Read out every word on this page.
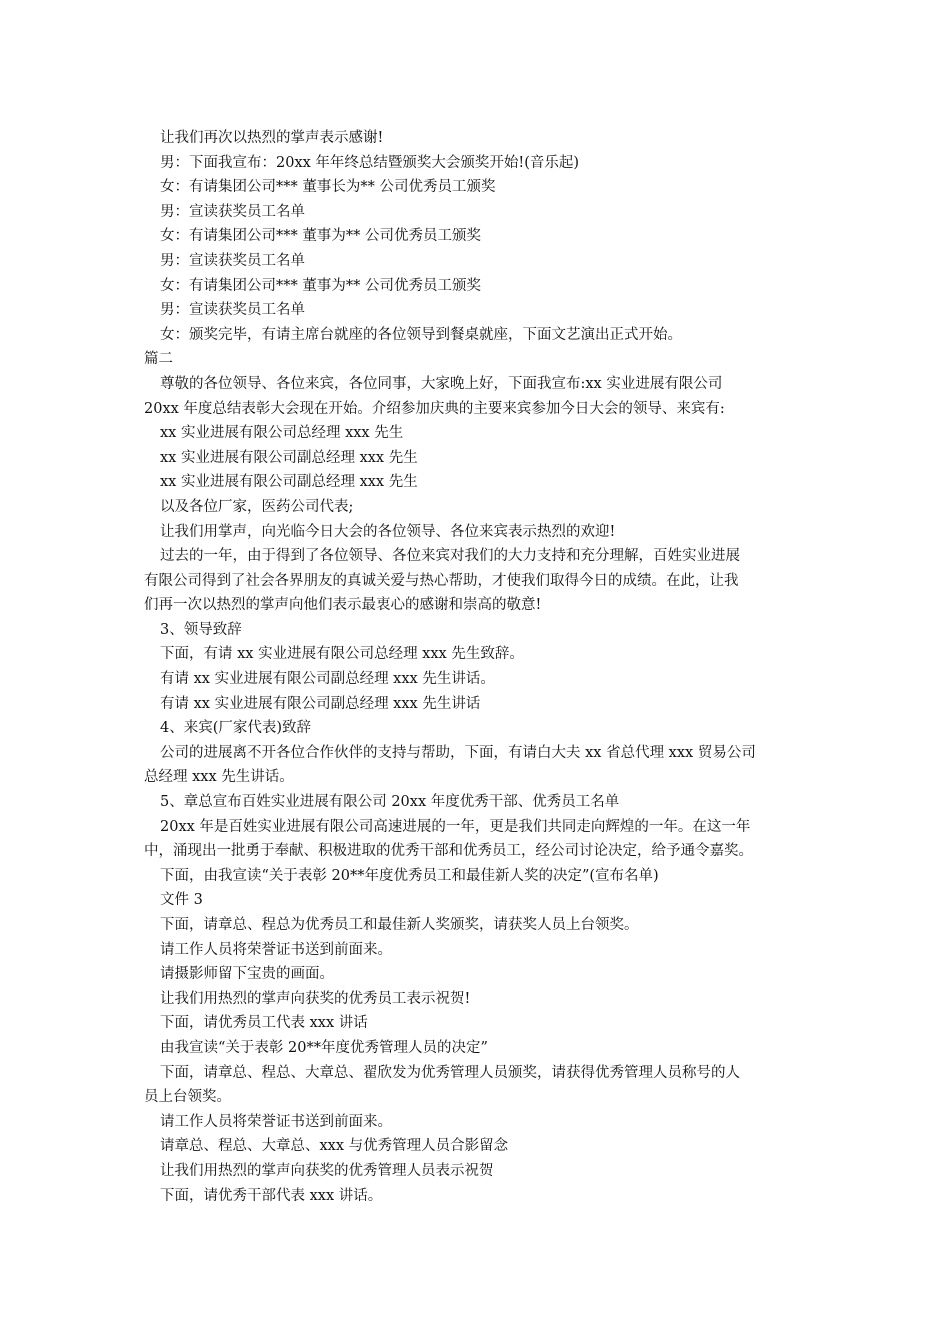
让我们再次以热烈的掌声表示感谢!
男：下面我宣布：20xx 年年终总结暨颁奖大会颁奖开始!(音乐起)
女：有请集团公司*** 董事长为** 公司优秀员工颁奖
男：宣读获奖员工名单
女：有请集团公司*** 董事为** 公司优秀员工颁奖
男：宣读获奖员工名单
女：有请集团公司*** 董事为** 公司优秀员工颁奖
男：宣读获奖员工名单
女：颁奖完毕，有请主席台就座的各位领导到餐桌就座，下面文艺演出正式开始。
篇二
尊敬的各位领导、各位来宾，各位同事，大家晚上好，下面我宣布:xx 实业进展有限公司
20xx 年度总结表彰大会现在开始。介绍参加庆典的主要来宾参加今日大会的领导、来宾有:
xx 实业进展有限公司总经理 xxx 先生
xx 实业进展有限公司副总经理 xxx 先生
xx 实业进展有限公司副总经理 xxx 先生
以及各位厂家，医药公司代表;
让我们用掌声，向光临今日大会的各位领导、各位来宾表示热烈的欢迎!
过去的一年，由于得到了各位领导、各位来宾对我们的大力支持和充分理解，百姓实业进展
有限公司得到了社会各界朋友的真诚关爱与热心帮助，才使我们取得今日的成绩。在此，让我
们再一次以热烈的掌声向他们表示最衷心的感谢和崇高的敬意!
3、领导致辞
下面，有请 xx 实业进展有限公司总经理 xxx 先生致辞。
有请 xx 实业进展有限公司副总经理 xxx 先生讲话。
有请 xx 实业进展有限公司副总经理 xxx 先生讲话
4、来宾(厂家代表)致辞
公司的进展离不开各位合作伙伴的支持与帮助，下面，有请白大夫 xx 省总代理 xxx 贸易公司
总经理 xxx 先生讲话。
5、章总宣布百姓实业进展有限公司 20xx 年度优秀干部、优秀员工名单
20xx 年是百姓实业进展有限公司高速进展的一年，更是我们共同走向辉煌的一年。在这一年
中，涌现出一批勇于奉献、积极进取的优秀干部和优秀员工，经公司讨论决定，给予通令嘉奖。
下面，由我宣读“关于表彰 20**年度优秀员工和最佳新人奖的决定”(宣布名单)
文件 3
下面，请章总、程总为优秀员工和最佳新人奖颁奖，请获奖人员上台领奖。
请工作人员将荣誉证书送到前面来。
请摄影师留下宝贵的画面。
让我们用热烈的掌声向获奖的优秀员工表示祝贺!
下面，请优秀员工代表 xxx 讲话
由我宣读“关于表彰 20**年度优秀管理人员的决定”
下面，请章总、程总、大章总、翟欣发为优秀管理人员颁奖，请获得优秀管理人员称号的人
员上台领奖。
请工作人员将荣誉证书送到前面来。
请章总、程总、大章总、xxx 与优秀管理人员合影留念
让我们用热烈的掌声向获奖的优秀管理人员表示祝贺
下面，请优秀干部代表 xxx 讲话。
